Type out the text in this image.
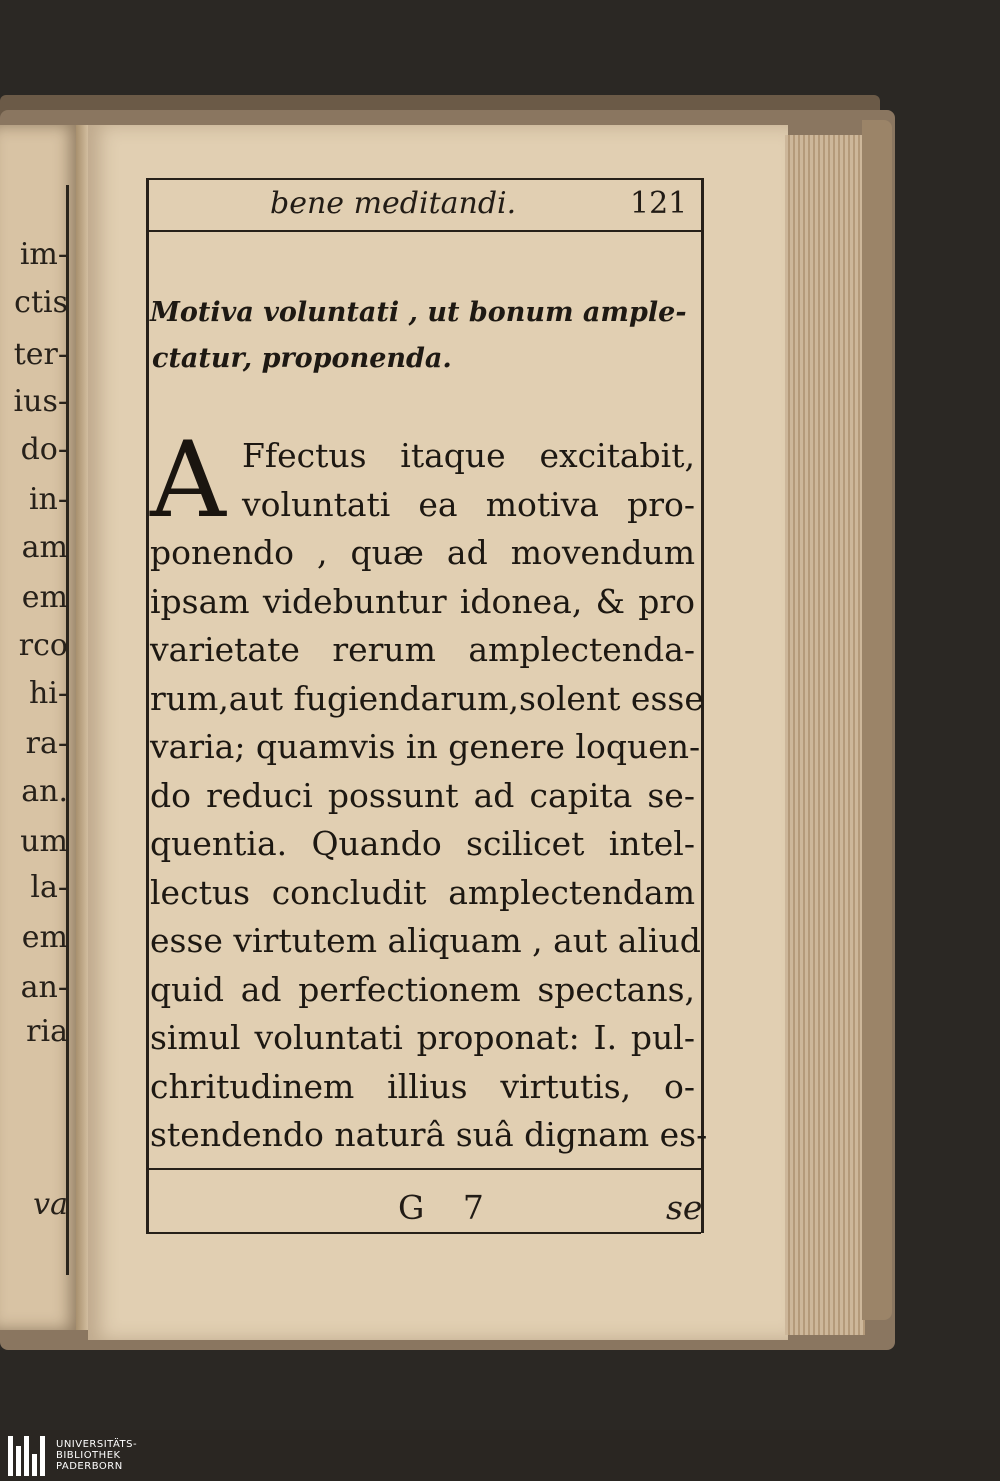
im-
ctis
ter-
ius-
do-
in-
am
em
rco
hi-
ra-
an.
um
la-
em
an-
ria
va
bene meditandi.	121
Motiva voluntati , ut bonum ample-
ctatur, proponenda.
A Ffectus itaque excitabit,
voluntati ea motiva pro-
ponendo , quæ ad movendum
ipsam videbuntur idonea, & pro
varietate rerum amplectenda-
rum,aut fugiendarum,solent esse
varia; quamvis in genere loquen-
do reduci possunt ad capita se-
quentia. Quando scilicet intel-
lectus concludit amplectendam
esse virtutem aliquam , aut aliud
quid ad perfectionem spectans,
simul voluntati proponat: I. pul-
chritudinem illius virtutis, o-
stendendo naturâ suâ dignam es-
G 7	se
UNIVERSITÄTS-
BIBLIOTHEK
PADERBORN
